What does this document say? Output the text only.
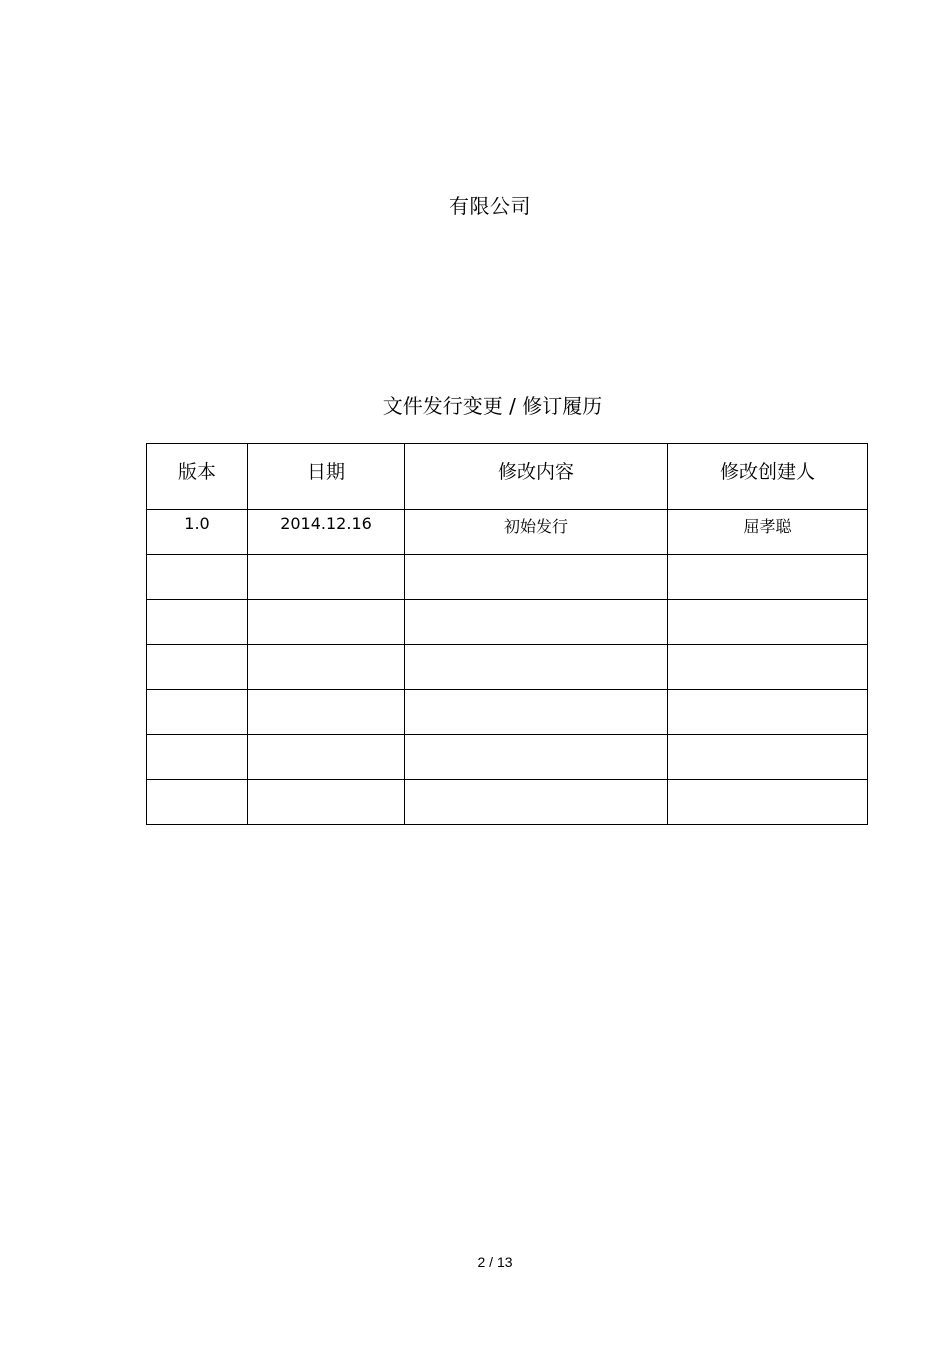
有限公司
文件发行变更 / 修订履历
版本	日期	修改内容	修改创建人
1.0	2014.12.16	初始发行	屈孝聪

2 / 13
